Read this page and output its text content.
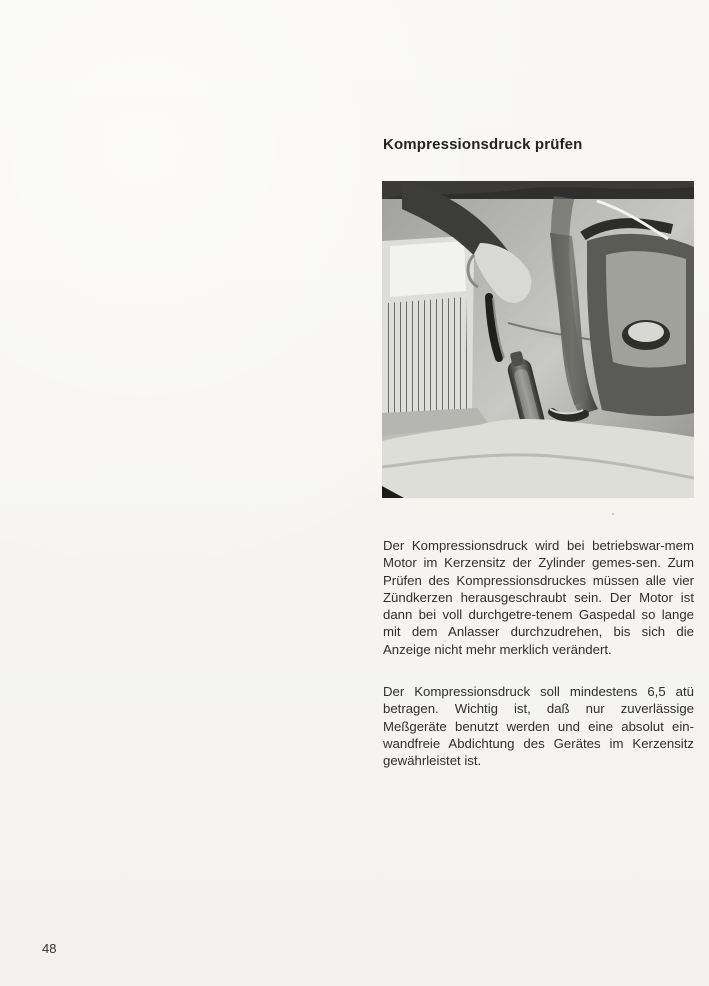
Kompressionsdruck prüfen
Der Kompressionsdruck wird bei betriebswar-mem Motor im Kerzensitz der Zylinder gemes-sen. Zum Prüfen des Kompressionsdruckes müssen alle vier Zündkerzen herausgeschraubt sein. Der Motor ist dann bei voll durchgetre-tenem Gaspedal so lange mit dem Anlasser durchzudrehen, bis sich die Anzeige nicht mehr merklich verändert.
Der Kompressionsdruck soll mindestens 6,5 atü betragen. Wichtig ist, daß nur zuverlässige Meßgeräte benutzt werden und eine absolut ein-wandfreie Abdichtung des Gerätes im Kerzensitz gewährleistet ist.
48
